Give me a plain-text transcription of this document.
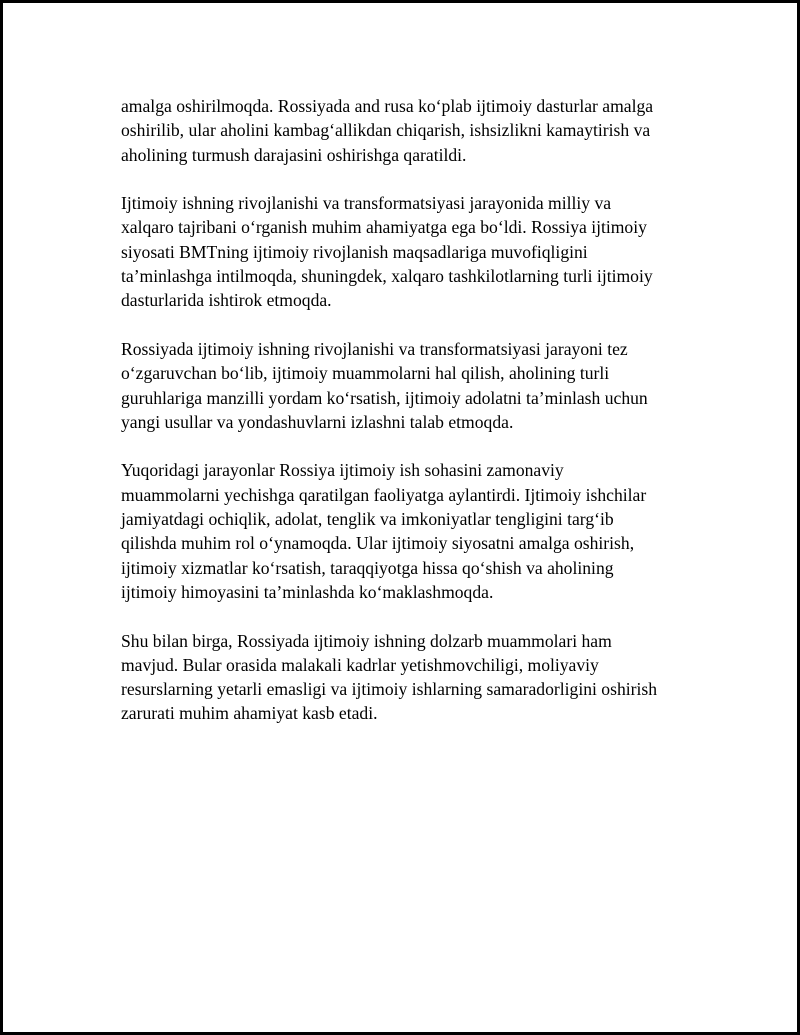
amalga oshirilmoqda. Rossiyada and rusa ko‘plab ijtimoiy dasturlar amalga
oshirilib, ular aholini kambag‘allikdan chiqarish, ishsizlikni kamaytirish va
aholining turmush darajasini oshirishga qaratildi.

Ijtimoiy ishning rivojlanishi va transformatsiyasi jarayonida milliy va
xalqaro tajribani o‘rganish muhim ahamiyatga ega bo‘ldi. Rossiya ijtimoiy
siyosati BMTning ijtimoiy rivojlanish maqsadlariga muvofiqligini
ta’minlashga intilmoqda, shuningdek, xalqaro tashkilotlarning turli ijtimoiy
dasturlarida ishtirok etmoqda.

Rossiyada ijtimoiy ishning rivojlanishi va transformatsiyasi jarayoni tez
o‘zgaruvchan bo‘lib, ijtimoiy muammolarni hal qilish, aholining turli
guruhlariga manzilli yordam ko‘rsatish, ijtimoiy adolatni ta’minlash uchun
yangi usullar va yondashuvlarni izlashni talab etmoqda.

Yuqoridagi jarayonlar Rossiya ijtimoiy ish sohasini zamonaviy
muammolarni yechishga qaratilgan faoliyatga aylantirdi. Ijtimoiy ishchilar
jamiyatdagi ochiqlik, adolat, tenglik va imkoniyatlar tengligini targ‘ib
qilishda muhim rol o‘ynamoqda. Ular ijtimoiy siyosatni amalga oshirish,
ijtimoiy xizmatlar ko‘rsatish, taraqqiyotga hissa qo‘shish va aholining
ijtimoiy himoyasini ta’minlashda ko‘maklashmoqda.

Shu bilan birga, Rossiyada ijtimoiy ishning dolzarb muammolari ham
mavjud. Bular orasida malakali kadrlar yetishmovchiligi, moliyaviy
resurslarning yetarli emasligi va ijtimoiy ishlarning samaradorligini oshirish
zarurati muhim ahamiyat kasb etadi.
